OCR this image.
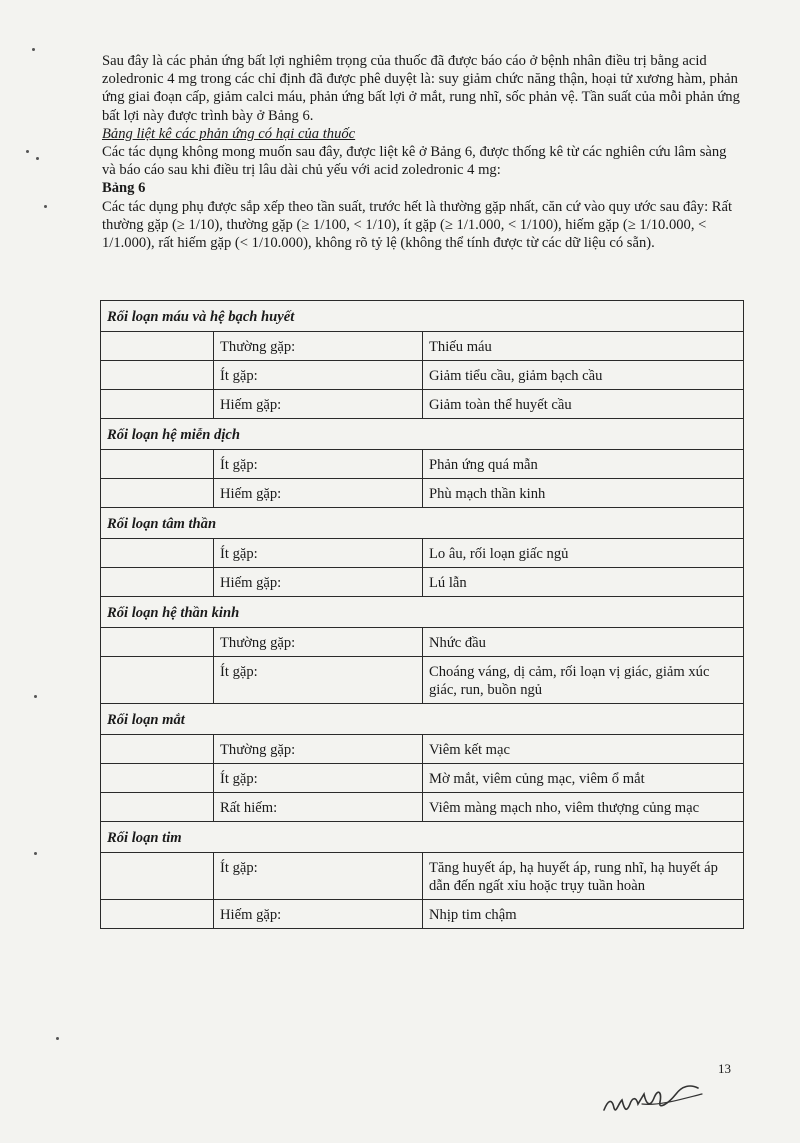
Sau đây là các phản ứng bất lợi nghiêm trọng của thuốc đã được báo cáo ở bệnh nhân điều trị bằng acid zoledronic 4 mg trong các chỉ định đã được phê duyệt là: suy giảm chức năng thận, hoại tử xương hàm, phản ứng giai đoạn cấp, giảm calci máu, phản ứng bất lợi ở mắt, rung nhĩ, sốc phản vệ. Tần suất của mỗi phản ứng bất lợi này được trình bày ở Bảng 6.

Bảng liệt kê các phản ứng có hại của thuốc

Các tác dụng không mong muốn sau đây, được liệt kê ở Bảng 6, được thống kê từ các nghiên cứu lâm sàng và báo cáo sau khi điều trị lâu dài chủ yếu với acid zoledronic 4 mg:

Bảng 6

Các tác dụng phụ được sắp xếp theo tần suất, trước hết là thường gặp nhất, căn cứ vào quy ước sau đây: Rất thường gặp (≥ 1/10), thường gặp (≥ 1/100, < 1/10), ít gặp (≥ 1/1.000, < 1/100), hiếm gặp (≥ 1/10.000, < 1/1.000), rất hiếm gặp (< 1/10.000), không rõ tỷ lệ (không thể tính được từ các dữ liệu có sẵn).

Rối loạn máu và hệ bạch huyết		
	Thường gặp:	Thiếu máu
	Ít gặp:	Giảm tiểu cầu, giảm bạch cầu
	Hiếm gặp:	Giảm toàn thể huyết cầu
Rối loạn hệ miễn dịch		
	Ít gặp:	Phản ứng quá mẫn
	Hiếm gặp:	Phù mạch thần kinh
Rối loạn tâm thần		
	Ít gặp:	Lo âu, rối loạn giấc ngủ
	Hiếm gặp:	Lú lẫn
Rối loạn hệ thần kinh		
	Thường gặp:	Nhức đầu
	Ít gặp:	Choáng váng, dị cảm, rối loạn vị giác, giảm xúc giác, run, buồn ngủ
Rối loạn mắt		
	Thường gặp:	Viêm kết mạc
	Ít gặp:	Mờ mắt, viêm củng mạc, viêm ổ mắt
	Rất hiếm:	Viêm màng mạch nho, viêm thượng củng mạc
Rối loạn tim		
	Ít gặp:	Tăng huyết áp, hạ huyết áp, rung nhĩ, hạ huyết áp dẫn đến ngất xỉu hoặc trụy tuần hoàn
	Hiếm gặp:	Nhịp tim chậm
13
